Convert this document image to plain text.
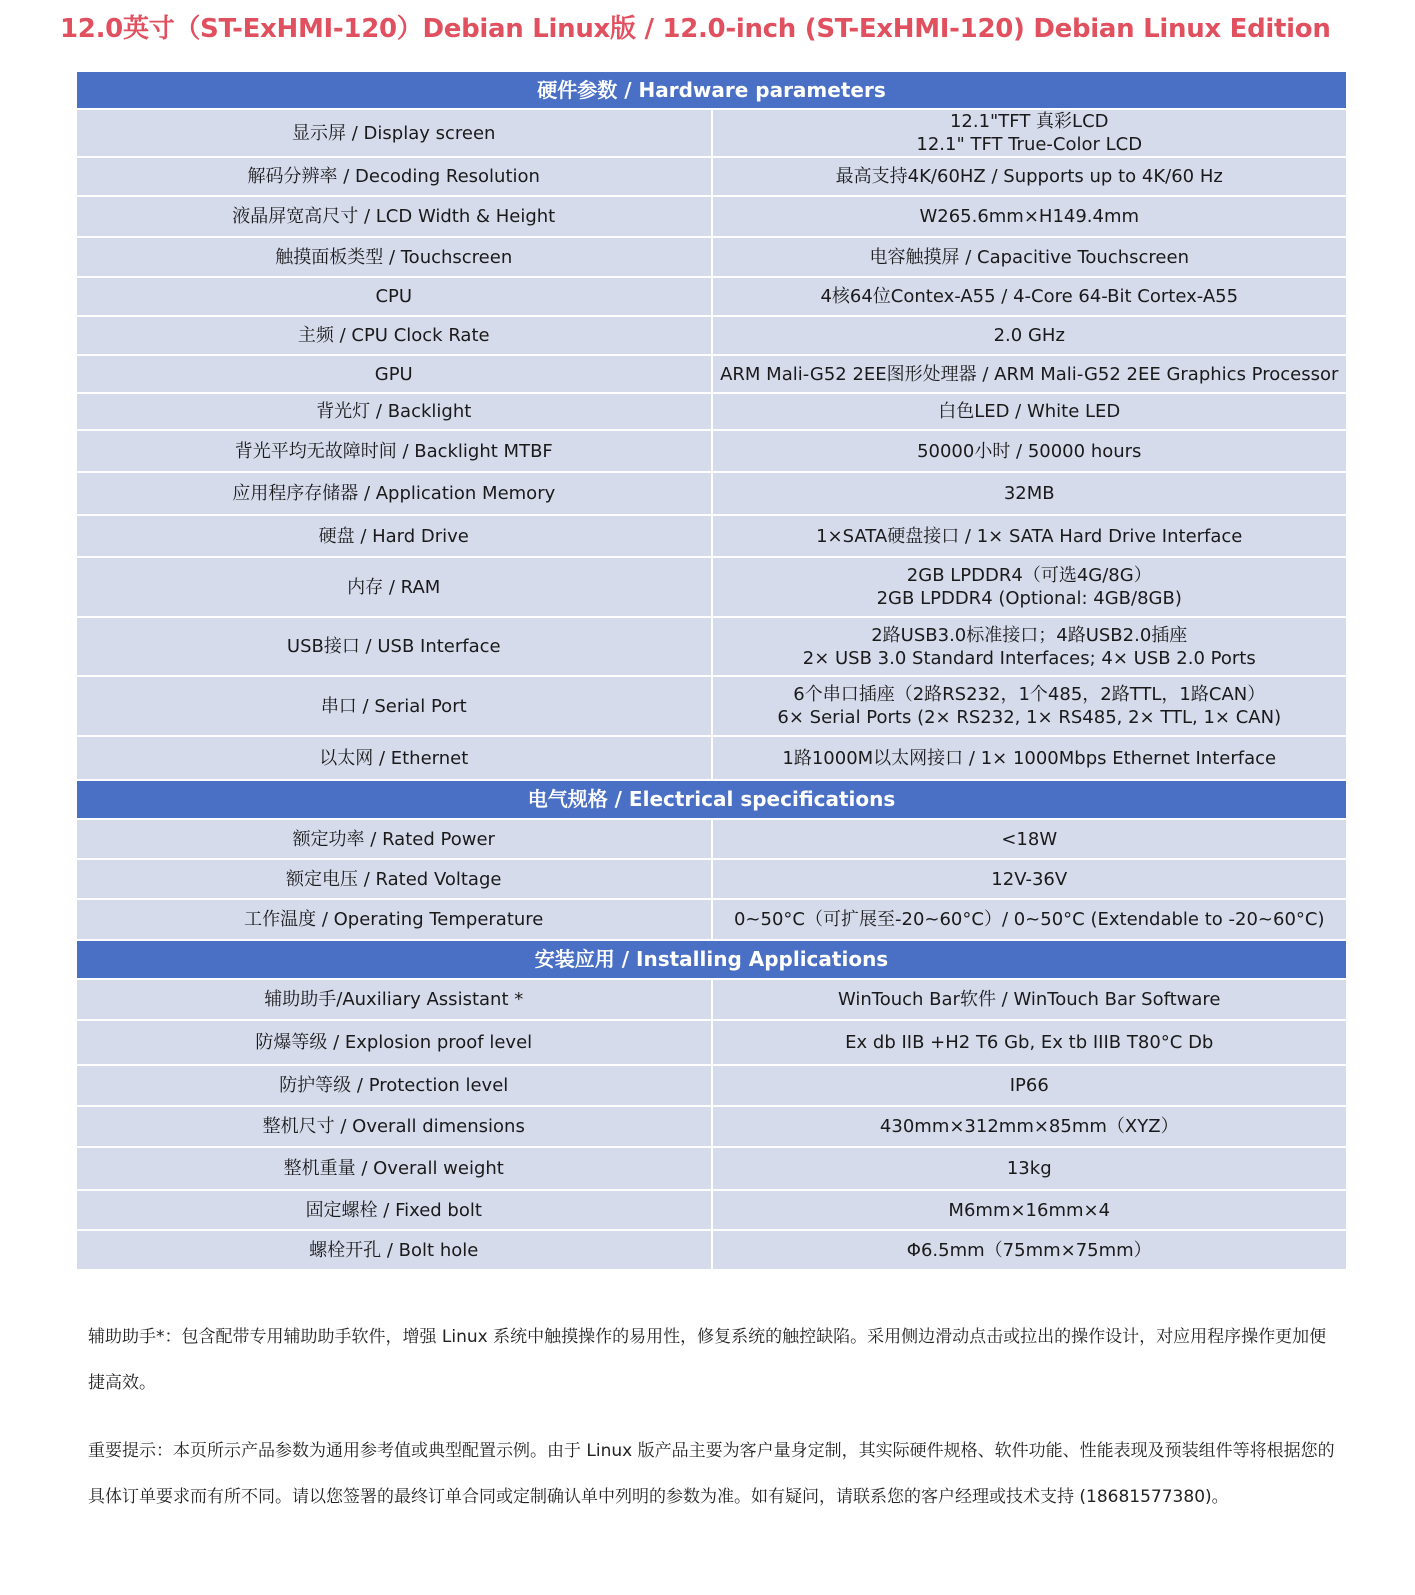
12.0英寸（ST-ExHMI-120）Debian Linux版 / 12.0-inch (ST-ExHMI-120) Debian Linux Edition
硬件参数 / Hardware parameters	
显示屏 / Display screen	12.1"TFT 真彩LCD
12.1" TFT True-Color LCD

解码分辨率 / Decoding Resolution	最高支持4K/60HZ / Supports up to 4K/60 Hz

液晶屏宽高尺寸 / LCD Width & Height	W265.6mm×H149.4mm

触摸面板类型 / Touchscreen	电容触摸屏 / Capacitive Touchscreen

CPU	4核64位Contex-A55 / 4-Core 64-Bit Cortex-A55

主频 / CPU Clock Rate	2.0 GHz

GPU	ARM Mali-G52 2EE图形处理器 / ARM Mali-G52 2EE Graphics Processor

背光灯 / Backlight	白色LED / White LED

背光平均无故障时间 / Backlight MTBF	50000小时 / 50000 hours

应用程序存储器 / Application Memory	32MB

硬盘 / Hard Drive	1×SATA硬盘接口 / 1× SATA Hard Drive Interface

内存 / RAM	2GB LPDDR4（可选4G/8G）
2GB LPDDR4 (Optional: 4GB/8GB)

USB接口 / USB Interface	2路USB3.0标准接口；4路USB2.0插座
2× USB 3.0 Standard Interfaces; 4× USB 2.0 Ports

串口 / Serial Port	6个串口插座（2路RS232，1个485，2路TTL，1路CAN）
6× Serial Ports (2× RS232, 1× RS485, 2× TTL, 1× CAN)

以太网 / Ethernet	1路1000M以太网接口 / 1× 1000Mbps Ethernet Interface

电气规格 / Electrical specifications	
额定功率 / Rated Power	<18W

额定电压 / Rated Voltage	12V-36V

工作温度 / Operating Temperature	0~50°C（可扩展至-20~60°C）/ 0~50°C (Extendable to -20~60°C)

安装应用 / Installing Applications	
辅助助手/Auxiliary Assistant *	WinTouch Bar软件 / WinTouch Bar Software

防爆等级 / Explosion proof level	Ex db IIB +H2 T6 Gb, Ex tb IIIB T80°C Db

防护等级 / Protection level	IP66

整机尺寸 / Overall dimensions	430mm×312mm×85mm（XYZ）

整机重量 / Overall weight	13kg

固定螺栓 / Fixed bolt	M6mm×16mm×4

螺栓开孔 / Bolt hole	Φ6.5mm（75mm×75mm）
辅助助手*：包含配带专用辅助助手软件，增强 Linux 系统中触摸操作的易用性，修复系统的触控缺陷。采用侧边滑动点击或拉出的操作设计，对应用程序操作更加便捷高效。
重要提示：本页所示产品参数为通用参考值或典型配置示例。由于 Linux 版产品主要为客户量身定制，其实际硬件规格、软件功能、性能表现及预装组件等将根据您的具体订单要求而有所不同。请以您签署的最终订单合同或定制确认单中列明的参数为准。如有疑问，请联系您的客户经理或技术支持 (18681577380)。
